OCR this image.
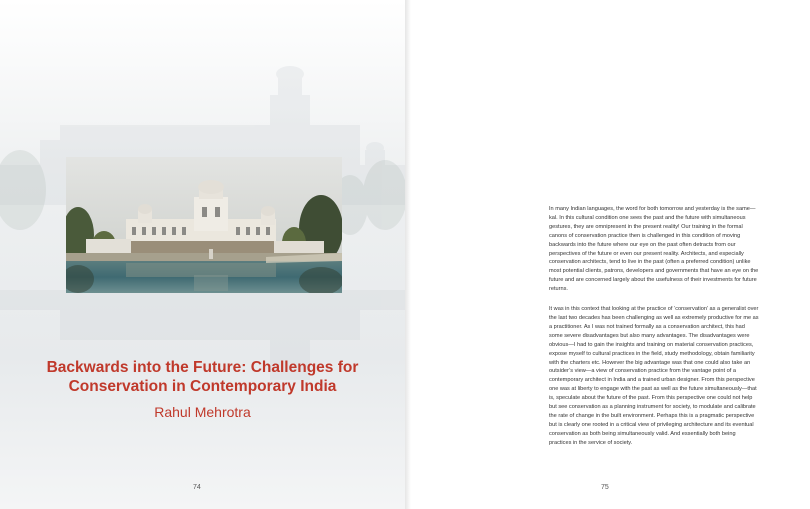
Backwards into the Future: Challenges for
Conservation in Contemporary India
Rahul Mehrotra
74

In many Indian languages, the word for both tomorrow and yesterday is the same—kal. In this cultural condition one sees the past and the future with simultaneous gestures, they are omnipresent in the present reality! Our training in the formal canons of conservation practice then is challenged in this condition of moving backwards into the future where our eye on the past often detracts from our perspectives of the future or even our present reality. Architects, and especially conservation architects, tend to live in the past (often a preferred condition) unlike most potential clients, patrons, developers and governments that have an eye on the future and are concerned largely about the usefulness of their investments for future returns.

It was in this context that looking at the practice of ‘conservation’ as a generalist over the last two decades has been challenging as well as extremely productive for me as a practitioner. As I was not trained formally as a conservation architect, this had some severe disadvantages but also many advantages. The disadvantages were obvious—I had to gain the insights and training on material conservation practices, expose myself to cultural practices in the field, study methodology, obtain familiarity with the charters etc. However the big advantage was that one could also take an outsider’s view—a view of conservation practice from the vantage point of a contemporary architect in India and a trained urban designer. From this perspective one was at liberty to engage with the past as well as the future simultaneously—that is, speculate about the future of the past. From this perspective one could not help but see conservation as a planning instrument for society, to modulate and calibrate the rate of change in the built environment. Perhaps this is a pragmatic perspective but is clearly one rooted in a critical view of privileging architecture and its eventual conservation as both being simultaneously valid. And essentially both being practices in the service of society.

75
